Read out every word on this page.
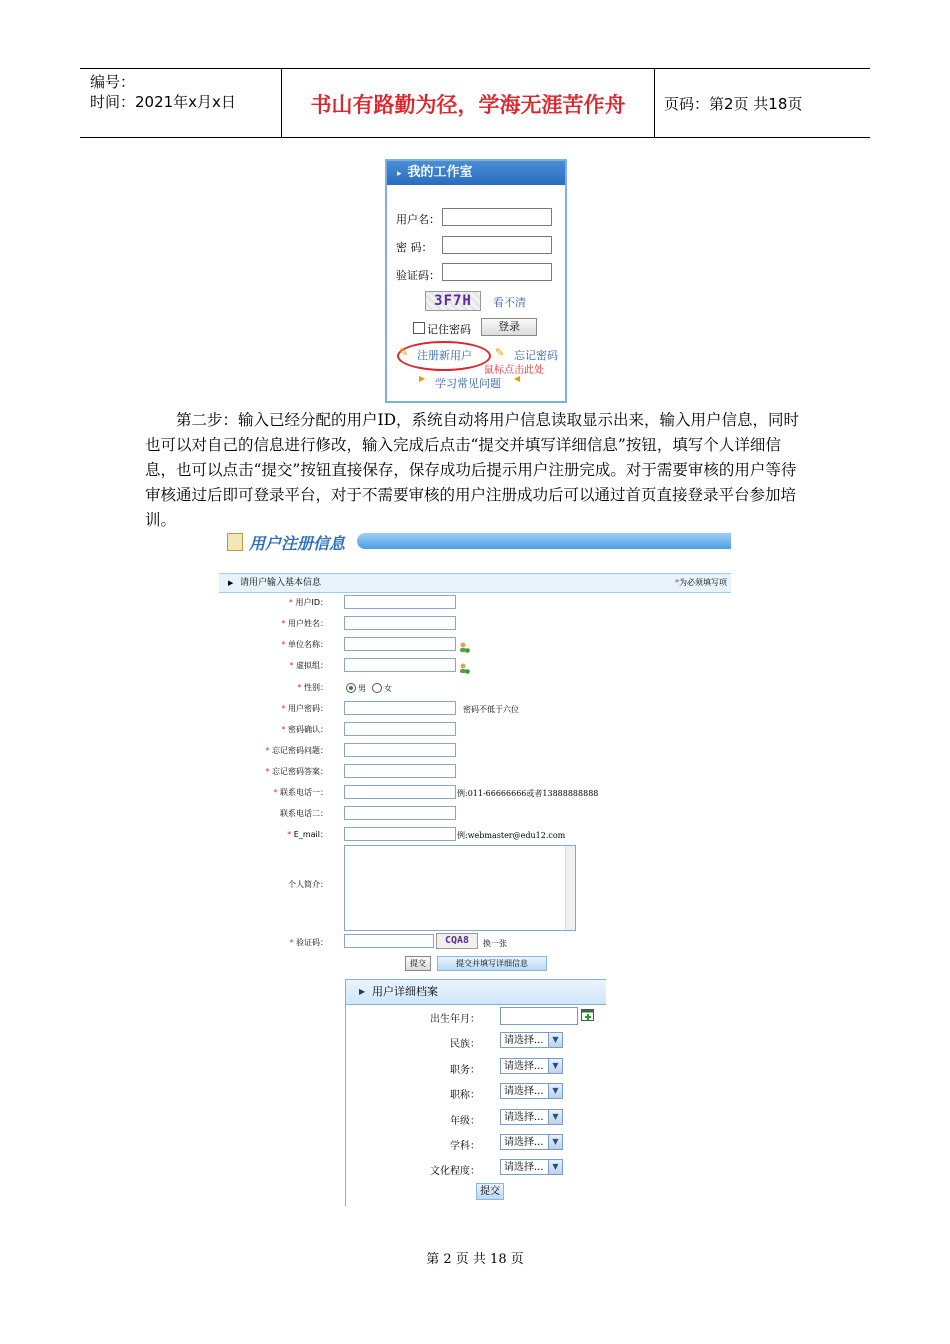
编号：
时间：2021年x月x日	书山有路勤为径，学海无涯苦作舟	页码：第2页 共18页
▸ 我的工作室
用户名：
密 码：
验证码：
3F7H	看不清
记住密码	登录
✎ 注册新用户 ✎ 忘记密码
鼠标点击此处
▶ 学习常见问题 ◀

第二步：输入已经分配的用户ID，系统自动将用户信息读取显示出来，输入用户信息，同时也可以对自己的信息进行修改，输入完成后点击“提交并填写详细信息”按钮，填写个人详细信息，也可以点击“提交”按钮直接保存，保存成功后提示用户注册完成。对于需要审核的用户等待审核通过后即可登录平台，对于不需要审核的用户注册成功后可以通过首页直接登录平台参加培训。

用户注册信息
▶ 请用户输入基本信息	*为必须填写项
* 用户ID：
* 用户姓名：
* 单位名称：
* 虚拟组：
* 性别：	男 女
* 用户密码：	密码不低于六位
* 密码确认：
* 忘记密码问题：
* 忘记密码答案：
* 联系电话一：	例:011-66666666或者13888888888
联系电话二：
* E_mail：	例:webmaster@edu12.com
个人简介：
* 验证码：	CQA8	换一张
提交	提交并填写详细信息
▶ 用户详细档案
出生年月：
民族：	请选择...	▼
职务：	请选择...	▼
职称：	请选择...	▼
年级：	请选择...	▼
学科：	请选择...	▼
文化程度：	请选择...	▼
提交
第 2 页 共 18 页
